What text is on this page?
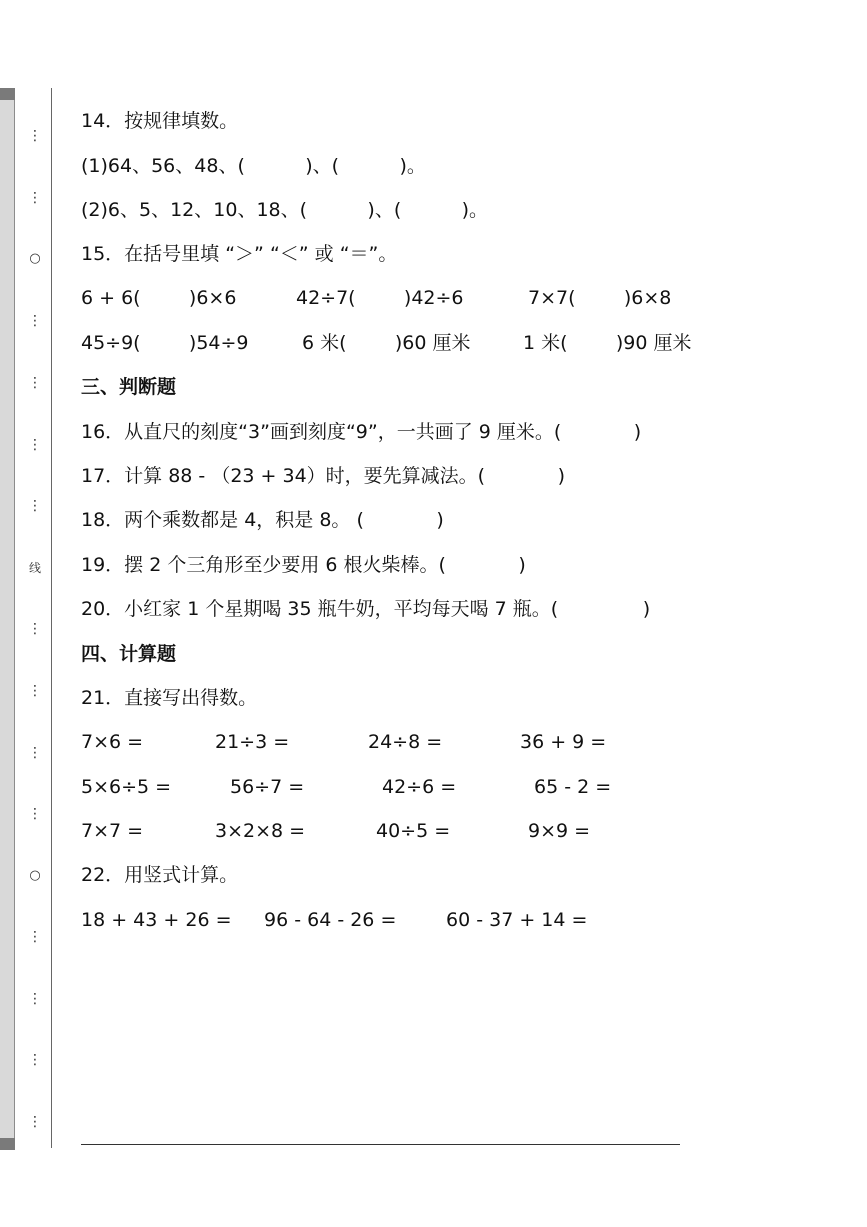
⋮
⋮
○
⋮
⋮
⋮
⋮
线
⋮
⋮
⋮
⋮
○
⋮
⋮
⋮
⋮
14．按规律填数。
(1)64、56、48、(          )、(          )。
(2)6、5、12、10、18、(          )、(          )。
15．在括号里填 “＞” “＜” 或 “＝”。
6 + 6(        )6×6	42÷7(        )42÷6	7×7(        )6×8
45÷9(        )54÷9	6 米(        )60 厘米	1 米(        )90 厘米
三、判断题
16．从直尺的刻度“3”画到刻度“9”，一共画了 9 厘米。(            )
17．计算 88 - （23 + 34）时，要先算减法。(            )
18．两个乘数都是 4，积是 8。 (            )
19．摆 2 个三角形至少要用 6 根火柴棒。(            )
20．小红家 1 个星期喝 35 瓶牛奶，平均每天喝 7 瓶。(              )
四、计算题
21．直接写出得数。
7×6 =	21÷3 =	24÷8 =	36 + 9 =
5×6÷5 =	56÷7 =	42÷6 =	65 - 2 =
7×7 =	3×2×8 =	40÷5 =	9×9 =
22．用竖式计算。
18 + 43 + 26 = 96 - 64 - 26 =	60 - 37 + 14 =
